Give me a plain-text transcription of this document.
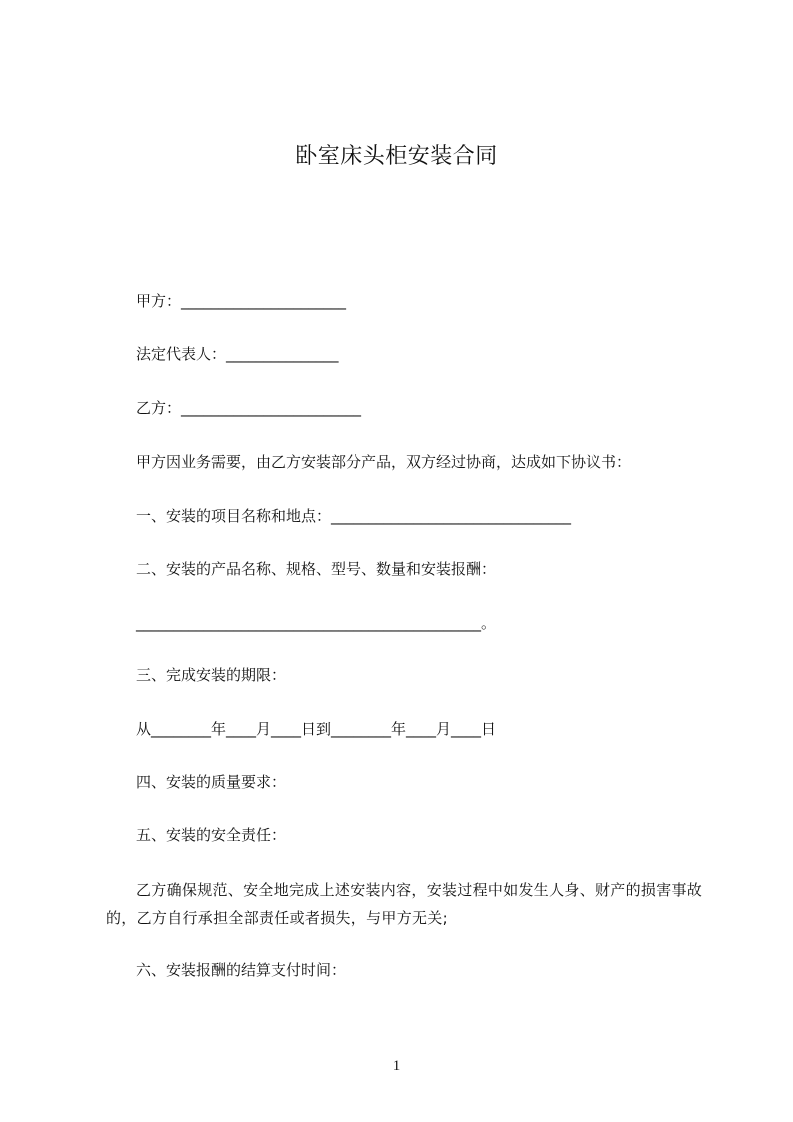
卧室床头柜安装合同
甲方：______________________
法定代表人：_______________
乙方：________________________
甲方因业务需要，由乙方安装部分产品，双方经过协商，达成如下协议书：
一、安装的项目名称和地点：________________________________
二、安装的产品名称、规格、型号、数量和安装报酬：
______________________________________________。
三、完成安装的期限：
从________年____月____日到________年____月____日
四、安装的质量要求：
五、安装的安全责任：
乙方确保规范、安全地完成上述安装内容，安装过程中如发生人身、财产的损害事故的，乙方自行承担全部责任或者损失，与甲方无关;
六、安装报酬的结算支付时间：
1
